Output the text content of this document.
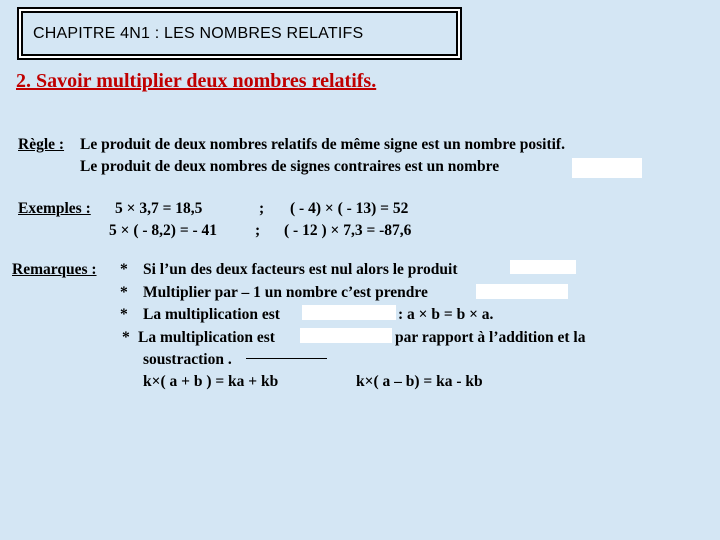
CHAPITRE 4N1 : LES NOMBRES RELATIFS
2. Savoir multiplier deux nombres relatifs.
Règle : Le produit de deux nombres relatifs de même signe est un nombre positif.
Le produit de deux nombres de signes contraires est un nombre
Exemples : 5 × 3,7 = 18,5	; ( - 4) × ( - 13) = 52
5 × ( - 8,2) = - 41 ; ( - 12 ) × 7,3 = -87,6
Remarques : * Si l’un des deux facteurs est nul alors le produit
* Multiplier par – 1 un nombre c’est prendre
* La multiplication est	: a × b = b × a.
* La multiplication est	par rapport à l’addition et la
soustraction .
k×( a + b ) = ka + kb	k×( a – b) = ka - kb
